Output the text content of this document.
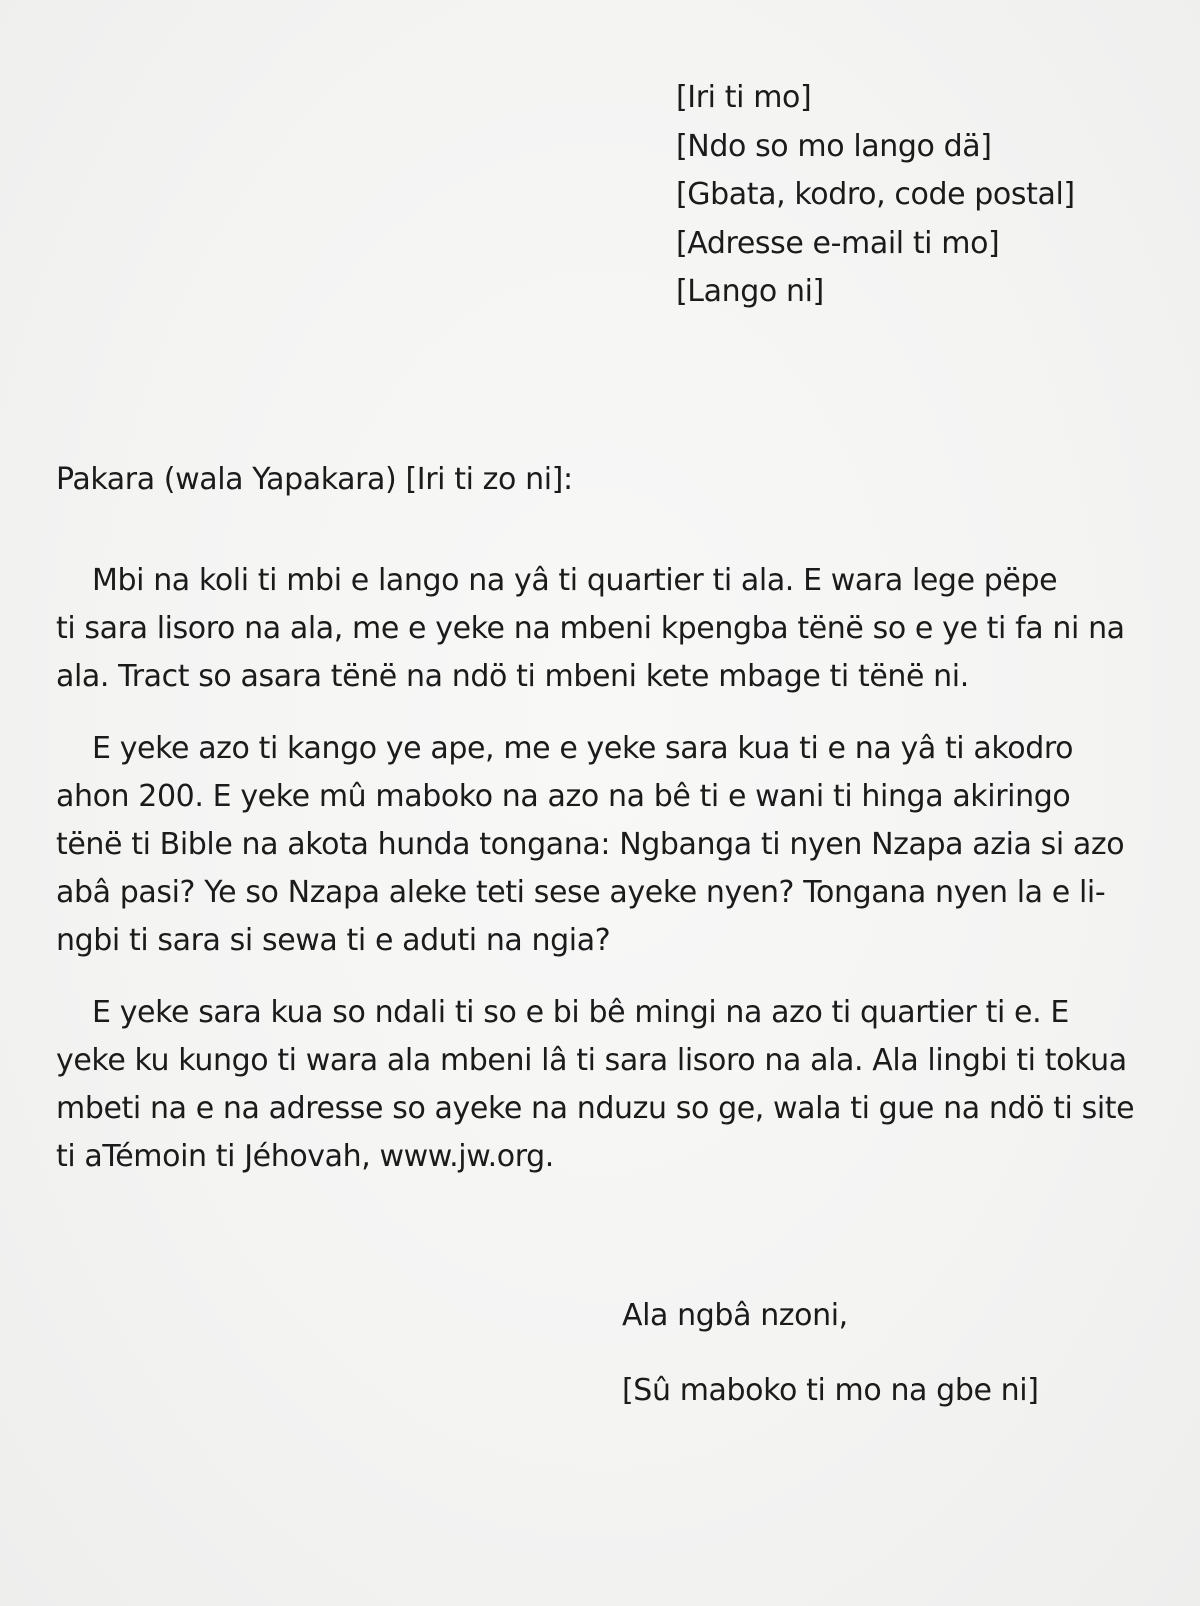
[Iri ti mo]
[Ndo so mo lango dä]
[Gbata, kodro, code postal]
[Adresse e-mail ti mo]
[Lango ni]
Pakara (wala Yapakara) [Iri ti zo ni]:

Mbi na koli ti mbi e lango na yâ ti quartier ti ala. E wara lege pëpe
ti sara lisoro na ala, me e yeke na mbeni kpengba tënë so e ye ti fa ni na
ala. Tract so asara tënë na ndö ti mbeni kete mbage ti tënë ni.

E yeke azo ti kango ye ape, me e yeke sara kua ti e na yâ ti akodro
ahon 200. E yeke mû maboko na azo na bê ti e wani ti hinga akiringo
tënë ti Bible na akota hunda tongana: Ngbanga ti nyen Nzapa azia si azo
abâ pasi? Ye so Nzapa aleke teti sese ayeke nyen? Tongana nyen la e li-
ngbi ti sara si sewa ti e aduti na ngia?

E yeke sara kua so ndali ti so e bi bê mingi na azo ti quartier ti e. E
yeke ku kungo ti wara ala mbeni lâ ti sara lisoro na ala. Ala lingbi ti tokua
mbeti na e na adresse so ayeke na nduzu so ge, wala ti gue na ndö ti site
ti aTémoin ti Jéhovah, www.jw.org.

Ala ngbâ nzoni,
[Sû maboko ti mo na gbe ni]
